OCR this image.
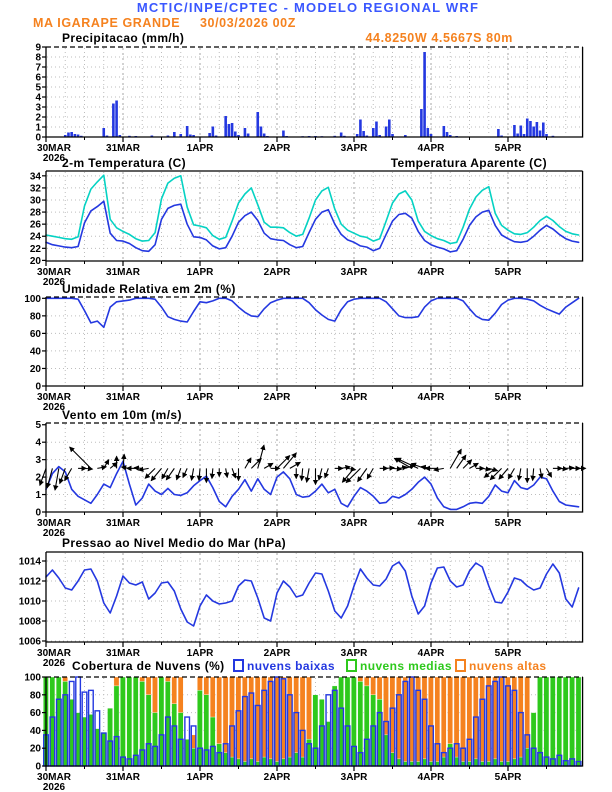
0
1
2
3
4
5
6
7
8
9
30MAR	31MAR	1APR	2APR	3APR	4APR	5APR
2026
20
22
24
26
28
30
32
34
30MAR	31MAR	1APR	2APR	3APR	4APR	5APR
2026
0
20
40
60
80
100
30MAR	31MAR	1APR	2APR	3APR	4APR	5APR
2026
0
1
2
3
4
5
30MAR	31MAR	1APR	2APR	3APR	4APR	5APR
2026
1006
1008
1010
1012
1014
30MAR	31MAR	1APR	2APR	3APR	4APR	5APR
2026
0
20
40
60
80
100
30MAR	31MAR	1APR	2APR	3APR	4APR	5APR
2026
MCTIC/INPE/CPTEC - MODELO REGIONAL WRF
MA IGARAPE GRANDE 30/03/2026 00Z
Precipitacao (mm/h)	44.8250W 4.5667S 80m
2-m Temperatura (C)	Temperatura Aparente (C)
Umidade Relativa em 2m (%)
Vento em 10m (m/s)
Pressao ao Nivel Medio do Mar (hPa)
Cobertura de Nuvens (%) nuvens baixas nuvens medias nuvens altas
